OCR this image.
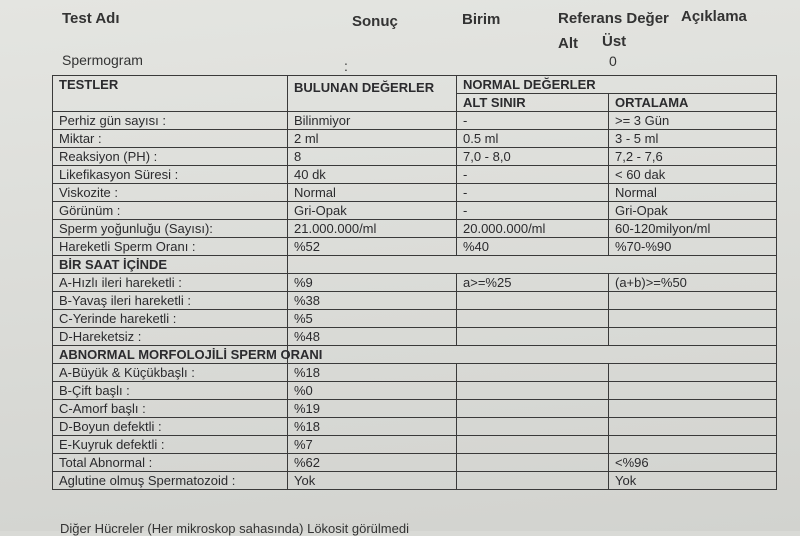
Test Adı	Sonuç	Birim	Referans Değer Açıklama
Alt Üst
Spermogram	:	0
TESTLER	BULUNAN DEĞERLER	NORMAL DEĞERLER	
		ALT SINIR	ORTALAMA
Perhiz gün sayısı :	Bilinmiyor	-	>= 3 Gün
Miktar :	2 ml	0.5 ml	3 - 5 ml
Reaksiyon (PH) :	8	7,0 - 8,0	7,2 - 7,6
Likefikasyon Süresi :	40 dk	-	< 60 dak
Viskozite :	Normal	-	Normal
Görünüm :	Gri-Opak	-	Gri-Opak
Sperm yoğunluğu (Sayısı):	21.000.000/ml	20.000.000/ml	60-120milyon/ml
Hareketli Sperm Oranı :	%52	%40	%70-%90
BİR SAAT İÇİNDE			
A-Hızlı ileri hareketli :	%9	a>=%25	(a+b)>=%50
B-Yavaş ileri hareketli :	%38		
C-Yerinde hareketli :	%5		
D-Hareketsiz :	%48		
ABNORMAL MORFOLOJİLİ SPERM ORANI			
A-Büyük & Küçükbaşlı :	%18		
B-Çift başlı :	%0		
C-Amorf başlı :	%19		
D-Boyun defektli :	%18		
E-Kuyruk defektli :	%7		
Total Abnormal :	%62		<%96
Aglutine olmuş Spermatozoid :	Yok		Yok
Diğer Hücreler (Her mikroskop sahasında) Lökosit görülmedi
